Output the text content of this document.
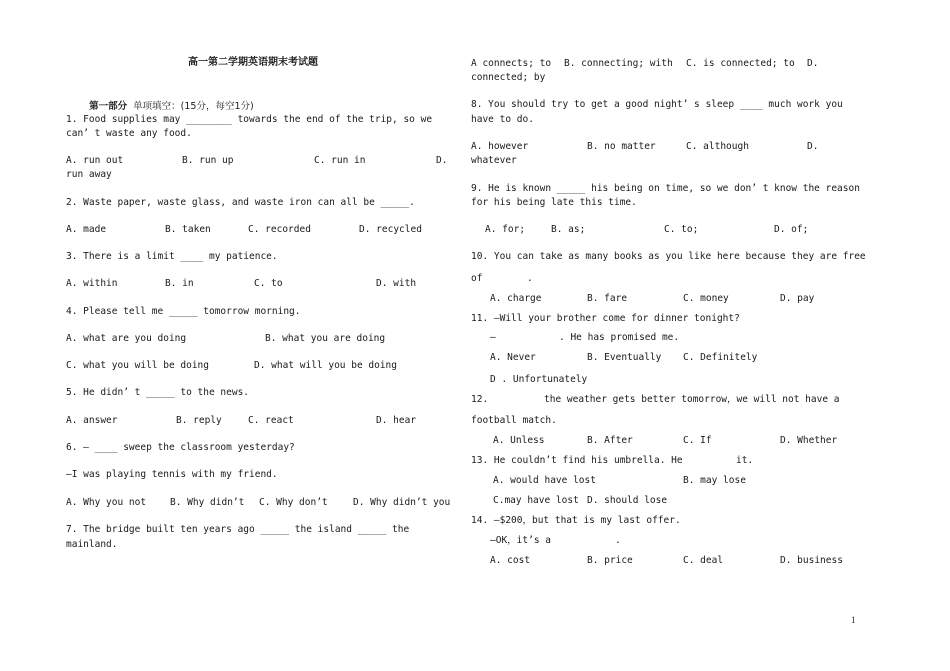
高一第二学期英语期末考试题

第一部分 单项填空：(15分，每空1分)

1. Food supplies may ________ towards the end of the trip, so we
can’ t waste any food.
A. run out	B. run up	C. run in	D.
run away
2. Waste paper, waste glass, and waste iron can all be _____.
A. made	B. taken	C. recorded	D. recycled
3. There is a limit ____ my patience.
A. within	B. in	C. to	D. with
4. Please tell me _____ tomorrow morning.
A. what are you doing	B. what you are doing
C. what you will be doing	D. what will you be doing
5. He didn’ t _____ to the news.
A. answer	B. reply	C. react	D. hear
6. — ____ sweep the classroom yesterday?
—I was playing tennis with my friend.
A. Why you not	B. Why didn’t C. Why don’t	D. Why didn’t you
7. The bridge built ten years ago _____ the island _____ the
mainland.
A connects; to B. connecting; with C. is connected; to D.
connected; by
8. You should try to get a good night’ s sleep ____ much work you
have to do.
A. however	B. no matter	C. although	D.
whatever
9. He is known _____ his being on time, so we don’ t know the reason
for his being late this time.
A. for;	B. as;	C. to;	D. of;
10. You can take as many books as you like here because they are free
of	.
A. charge	B. fare	C. money	D. pay
11. —Will your brother come for dinner tonight?
—	. He has promised me.
A. Never	B. Eventually C. Definitely
D . Unfortunately
12.	the weather gets better tomorrow，we will not have a
football match.
A. Unless	B. After	C. If	D. Whether
13. He couldn’t find his umbrella. He	it.
A. would have lost	B. may lose
C.may have lost D. should lose
14. —$200，but that is my last offer.
—OK，it’s a	.
A. cost	B. price	C. deal	D. business
1
